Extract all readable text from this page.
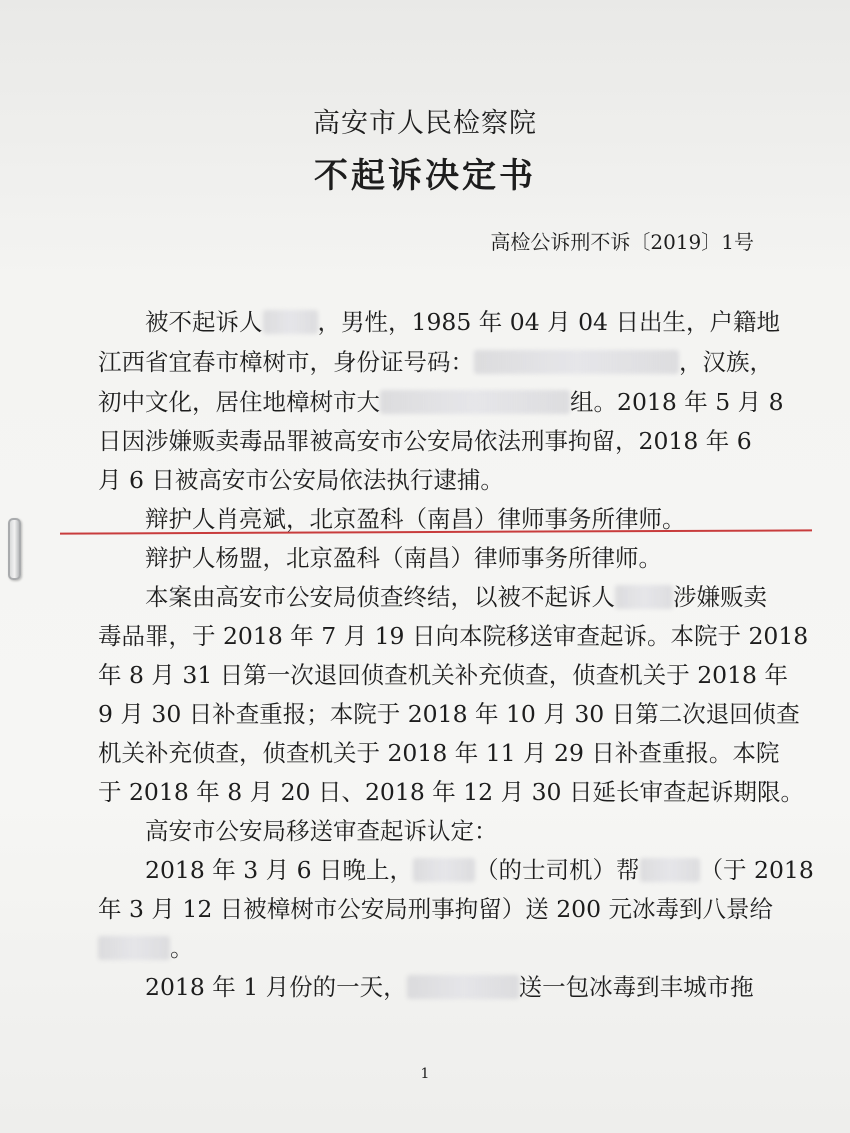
高安市人民检察院
不起诉决定书
高检公诉刑不诉〔2019〕1号
被不起诉人 ，男性，1985 年 04 月 04 日出生，户籍地
江西省宜春市樟树市，身份证号码：	，汉族，
初中文化，居住地樟树市大	组。2018 年 5 月 8
日因涉嫌贩卖毒品罪被高安市公安局依法刑事拘留，2018 年 6
月 6 日被高安市公安局依法执行逮捕。
辩护人肖亮斌，北京盈科（南昌）律师事务所律师。
辩护人杨盟，北京盈科（南昌）律师事务所律师。
本案由高安市公安局侦查终结，以被不起诉人 涉嫌贩卖
毒品罪，于 2018 年 7 月 19 日向本院移送审查起诉。本院于 2018
年 8 月 31 日第一次退回侦查机关补充侦查，侦查机关于 2018 年
9 月 30 日补查重报；本院于 2018 年 10 月 30 日第二次退回侦查
机关补充侦查，侦查机关于 2018 年 11 月 29 日补查重报。本院
于 2018 年 8 月 20 日、2018 年 12 月 30 日延长审查起诉期限。
高安市公安局移送审查起诉认定：
2018 年 3 月 6 日晚上，	（的士司机）帮	（于 2018
年 3 月 12 日被樟树市公安局刑事拘留）送 200 元冰毒到八景给
。
2018 年 1 月份的一天，	送一包冰毒到丰城市拖
1
